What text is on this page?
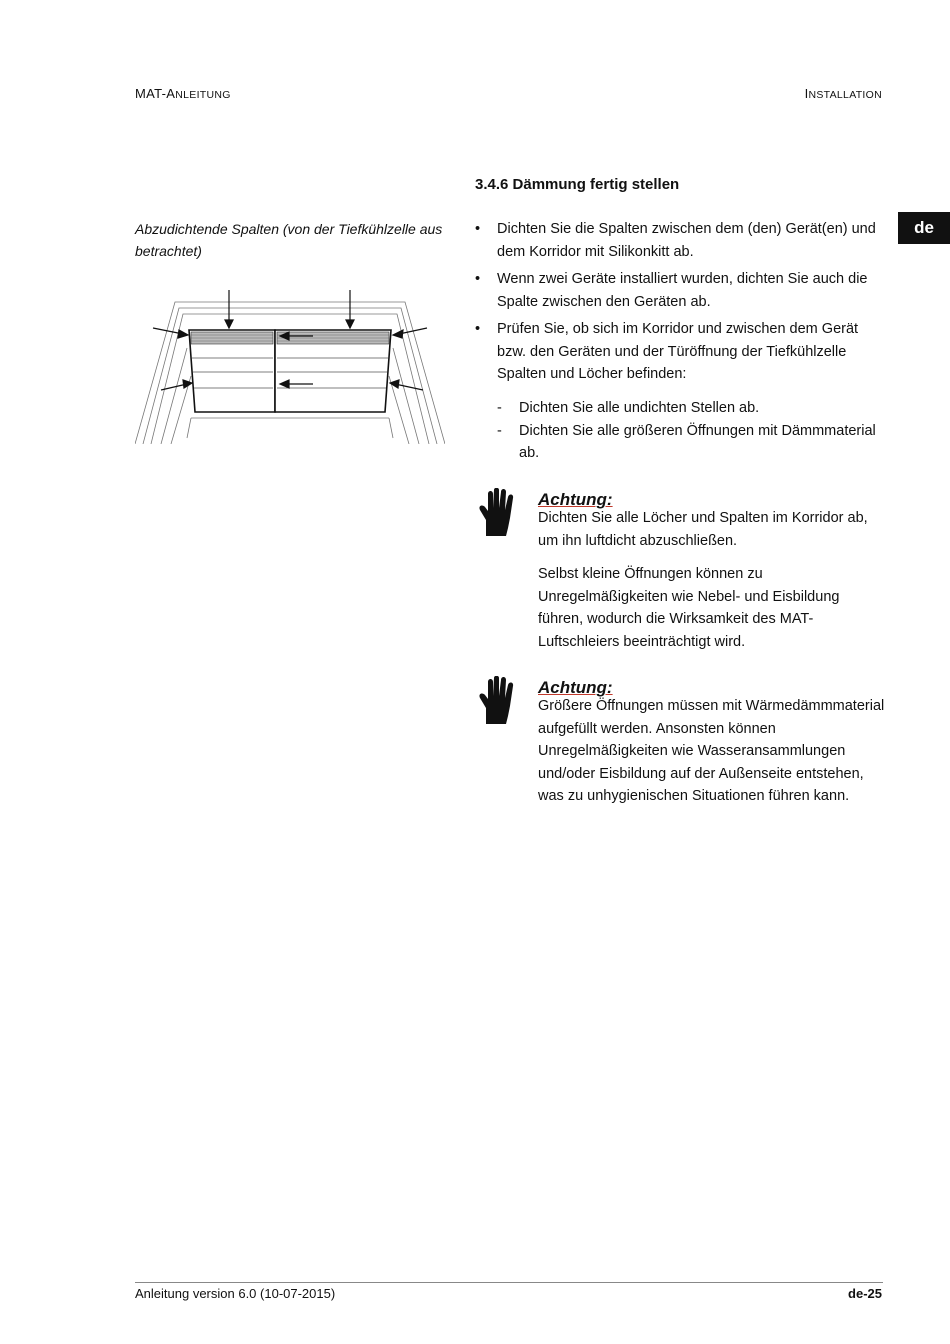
MAT-ANLEITUNG	INSTALLATION
de
3.4.6 Dämmung fertig stellen
Abzudichtende Spalten (von der Tiefkühlzelle aus betrachtet)
• Dichten Sie die Spalten zwischen dem (den) Gerät(en) und dem Korridor mit Silikonkitt ab.
• Wenn zwei Geräte installiert wurden, dichten Sie auch die Spalte zwischen den Geräten ab.
• Prüfen Sie, ob sich im Korridor und zwischen dem Gerät bzw. den Geräten und der Türöffnung der Tiefkühlzelle Spalten und Löcher befinden:
- Dichten Sie alle undichten Stellen ab.
- Dichten Sie alle größeren Öffnungen mit Dämmmaterial ab.
Achtung:

Dichten Sie alle Löcher und Spalten im Korridor ab, um ihn luftdicht abzuschließen.

Selbst kleine Öffnungen können zu Unregelmäßigkeiten wie Nebel- und Eisbildung führen, wodurch die Wirksamkeit des MAT-Luftschleiers beeinträchtigt wird.

Achtung:

Größere Öffnungen müssen mit Wärmedämmmaterial aufgefüllt werden. Ansonsten können Unregelmäßigkeiten wie Wasseransammlungen und/oder Eisbildung auf der Außenseite entstehen, was zu unhygienischen Situationen führen kann.

Anleitung version 6.0 (10-07-2015)	de-25
